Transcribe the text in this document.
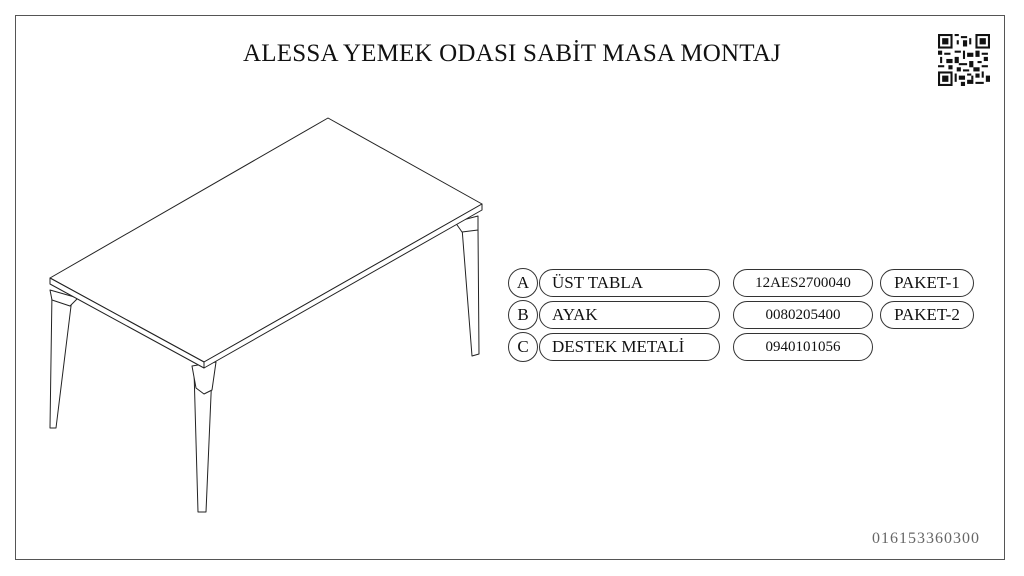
ALESSA YEMEK ODASI SABİT MASA MONTAJ
A	ÜST TABLA	12AES2700040	PAKET-1
B	AYAK	0080205400	PAKET-2
C	DESTEK METALİ	0940101056
016153360300
